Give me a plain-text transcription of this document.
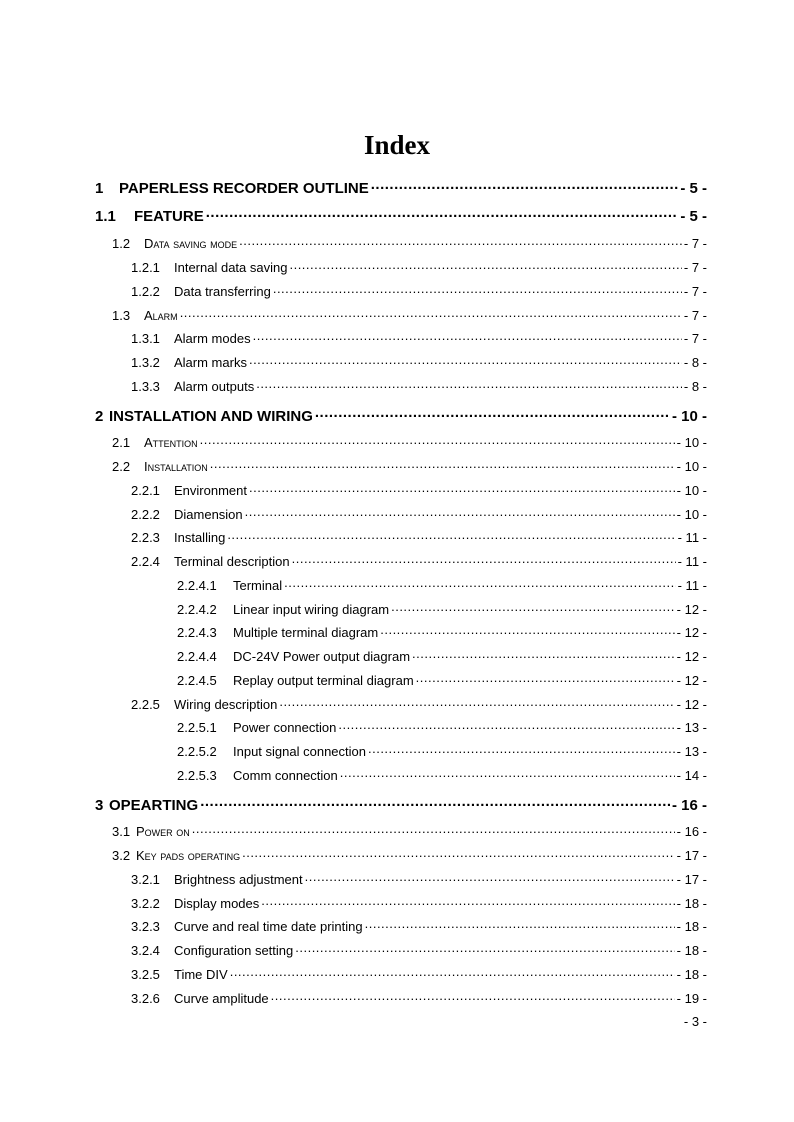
Index
1	PAPERLESS RECORDER OUTLINE .....	- 5 -
1.1	FEATURE .....	- 5 -
1.2	Data saving mode .....	- 7 -
1.2.1	Internal data saving .....	- 7 -
1.2.2	Data transferring .....	- 7 -
1.3	Alarm .....	- 7 -
1.3.1	Alarm modes .....	- 7 -
1.3.2	Alarm marks .....	- 8 -
1.3.3	Alarm outputs .....	- 8 -
2 INSTALLATION AND WIRING .....	- 10 -
2.1	Attention .....	- 10 -
2.2	Installation .....	- 10 -
2.2.1	Environment .....	- 10 -
2.2.2	Diamension .....	- 10 -
2.2.3	Installing .....	- 11 -
2.2.4	Terminal description .....	- 11 -
2.2.4.1	Terminal .....	- 11 -
2.2.4.2	Linear input wiring diagram .....	- 12 -
2.2.4.3	Multiple terminal diagram .....	- 12 -
2.2.4.4	DC-24V Power output diagram .....	- 12 -
2.2.4.5	Replay output terminal diagram .....	- 12 -
2.2.5	Wiring description .....	- 12 -
2.2.5.1	Power connection .....	- 13 -
2.2.5.2	Input signal connection .....	- 13 -
2.2.5.3	Comm connection .....	- 14 -
3 OPEARTING .....	- 16 -
3.1 Power on .....	- 16 -
3.2 Key pads operating .....	- 17 -
3.2.1	Brightness adjustment .....	- 17 -
3.2.2	Display modes .....	- 18 -
3.2.3	Curve and real time date printing .....	- 18 -
3.2.4	Configuration setting .....	- 18 -
3.2.5	Time DIV .....	- 18 -
3.2.6	Curve amplitude .....	- 19 -
- 3 -
